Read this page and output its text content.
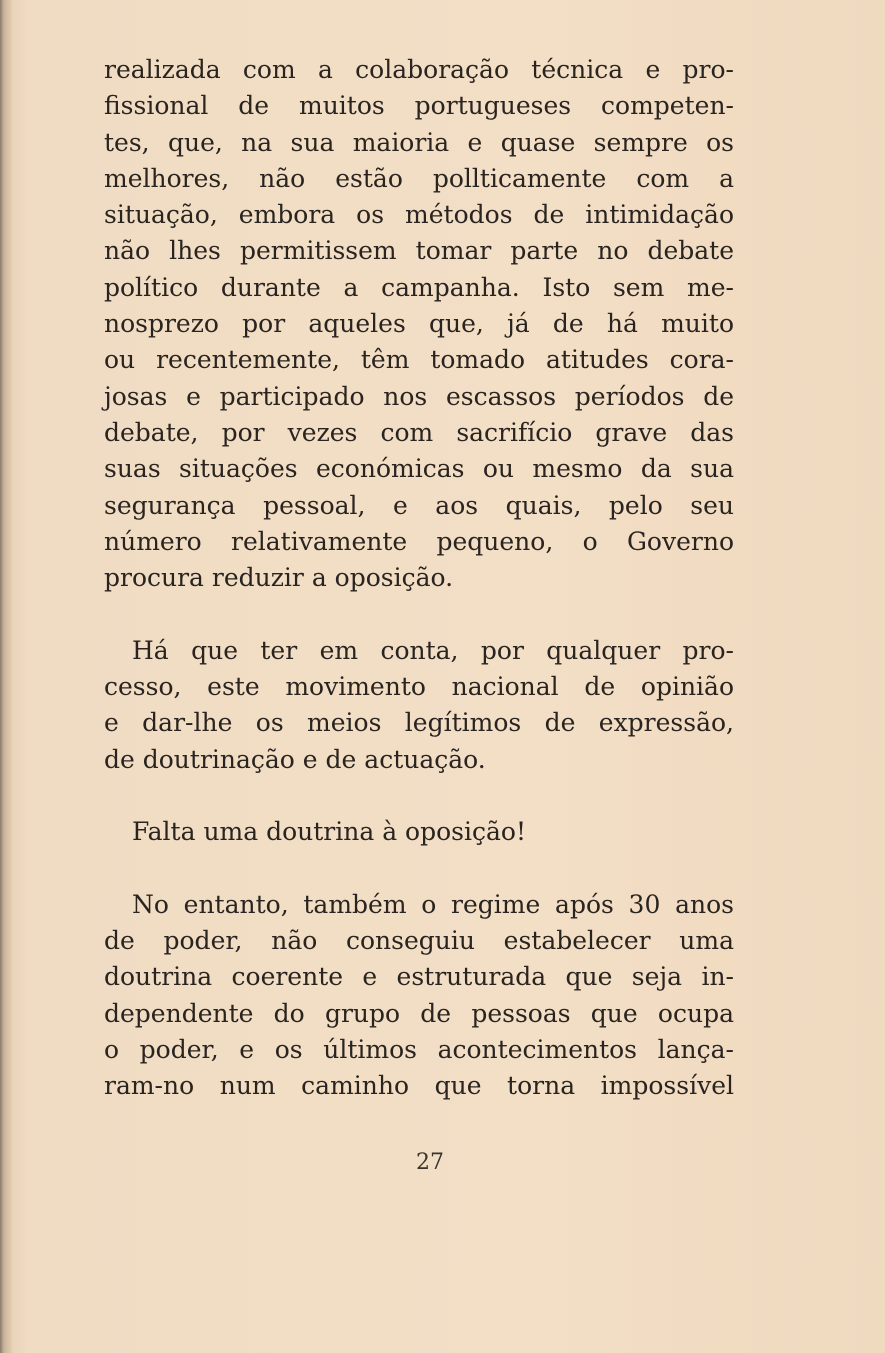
realizada com a colaboração técnica e pro-
fissional de muitos portugueses competen-
tes, que, na sua maioria e quase sempre os
melhores, não estão pollticamente com a
situação, embora os métodos de intimidação
não lhes permitissem tomar parte no debate
político durante a campanha. Isto sem me-
nosprezo por aqueles que, já de há muito
ou recentemente, têm tomado atitudes cora-
josas e participado nos escassos períodos de
debate, por vezes com sacrifício grave das
suas situações económicas ou mesmo da sua
segurança pessoal, e aos quais, pelo seu
número relativamente pequeno, o Governo
procura reduzir a oposição.
Há que ter em conta, por qualquer pro-
cesso, este movimento nacional de opinião
e dar-lhe os meios legítimos de expressão,
de doutrinação e de actuação.
Falta uma doutrina à oposição!
No entanto, também o regime após 30 anos
de poder, não conseguiu estabelecer uma
doutrina coerente e estruturada que seja in-
dependente do grupo de pessoas que ocupa
o poder, e os últimos acontecimentos lança-
ram-no num caminho que torna impossível
27
